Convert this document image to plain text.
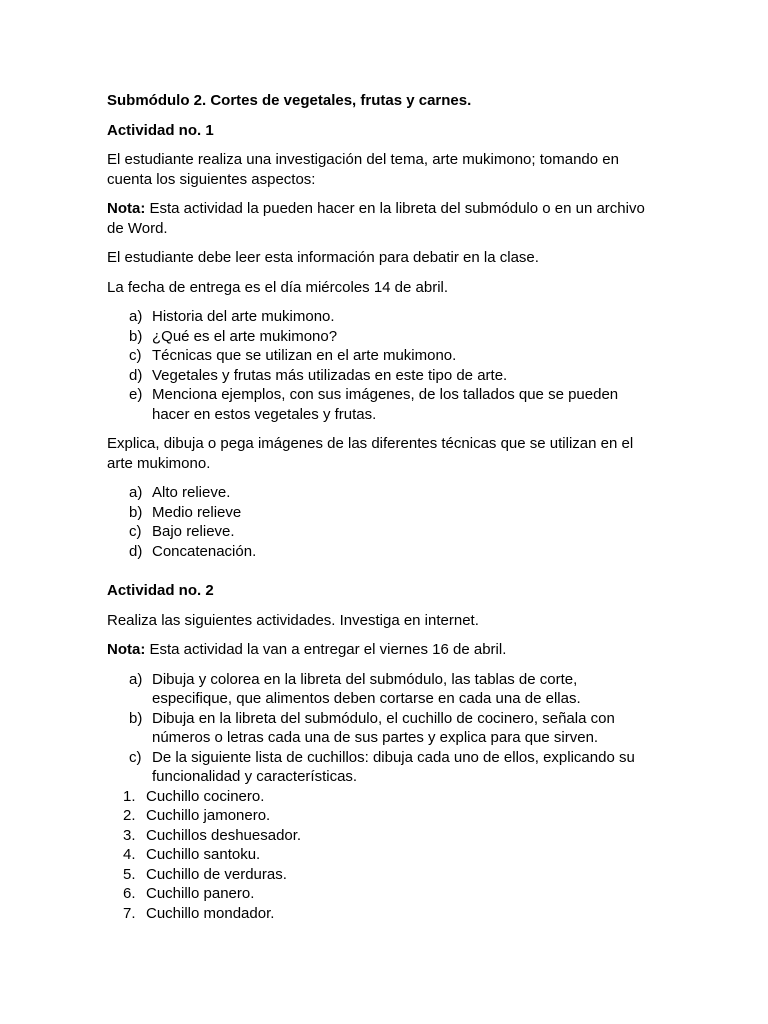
Submódulo 2. Cortes de vegetales, frutas y carnes.

Actividad no. 1

El estudiante realiza una investigación del tema, arte mukimono; tomando en cuenta los siguientes aspectos:

Nota: Esta actividad la pueden hacer en la libreta del submódulo o en un archivo de Word.

El estudiante debe leer esta información para debatir en la clase.

La fecha de entrega es el día miércoles 14 de abril.

a) Historia del arte mukimono.
b) ¿Qué es el arte mukimono?
c) Técnicas que se utilizan en el arte mukimono.
d) Vegetales y frutas más utilizadas en este tipo de arte.
e) Menciona ejemplos, con sus imágenes, de los tallados que se pueden hacer en estos vegetales y frutas.

Explica, dibuja o pega imágenes de las diferentes técnicas que se utilizan en el arte mukimono.

a) Alto relieve.
b) Medio relieve
c) Bajo relieve.
d) Concatenación.

Actividad no. 2

Realiza las siguientes actividades. Investiga en internet.

Nota: Esta actividad la van a entregar el viernes 16 de abril.

a) Dibuja y colorea en la libreta del submódulo, las tablas de corte, especifique, que alimentos deben cortarse en cada una de ellas.
b) Dibuja en la libreta del submódulo, el cuchillo de cocinero, señala con números o letras cada una de sus partes y explica para que sirven.
c) De la siguiente lista de cuchillos: dibuja cada uno de ellos, explicando su funcionalidad y características.
1. Cuchillo cocinero.
2. Cuchillo jamonero.
3. Cuchillos deshuesador.
4. Cuchillo santoku.
5. Cuchillo de verduras.
6. Cuchillo panero.
7. Cuchillo mondador.
